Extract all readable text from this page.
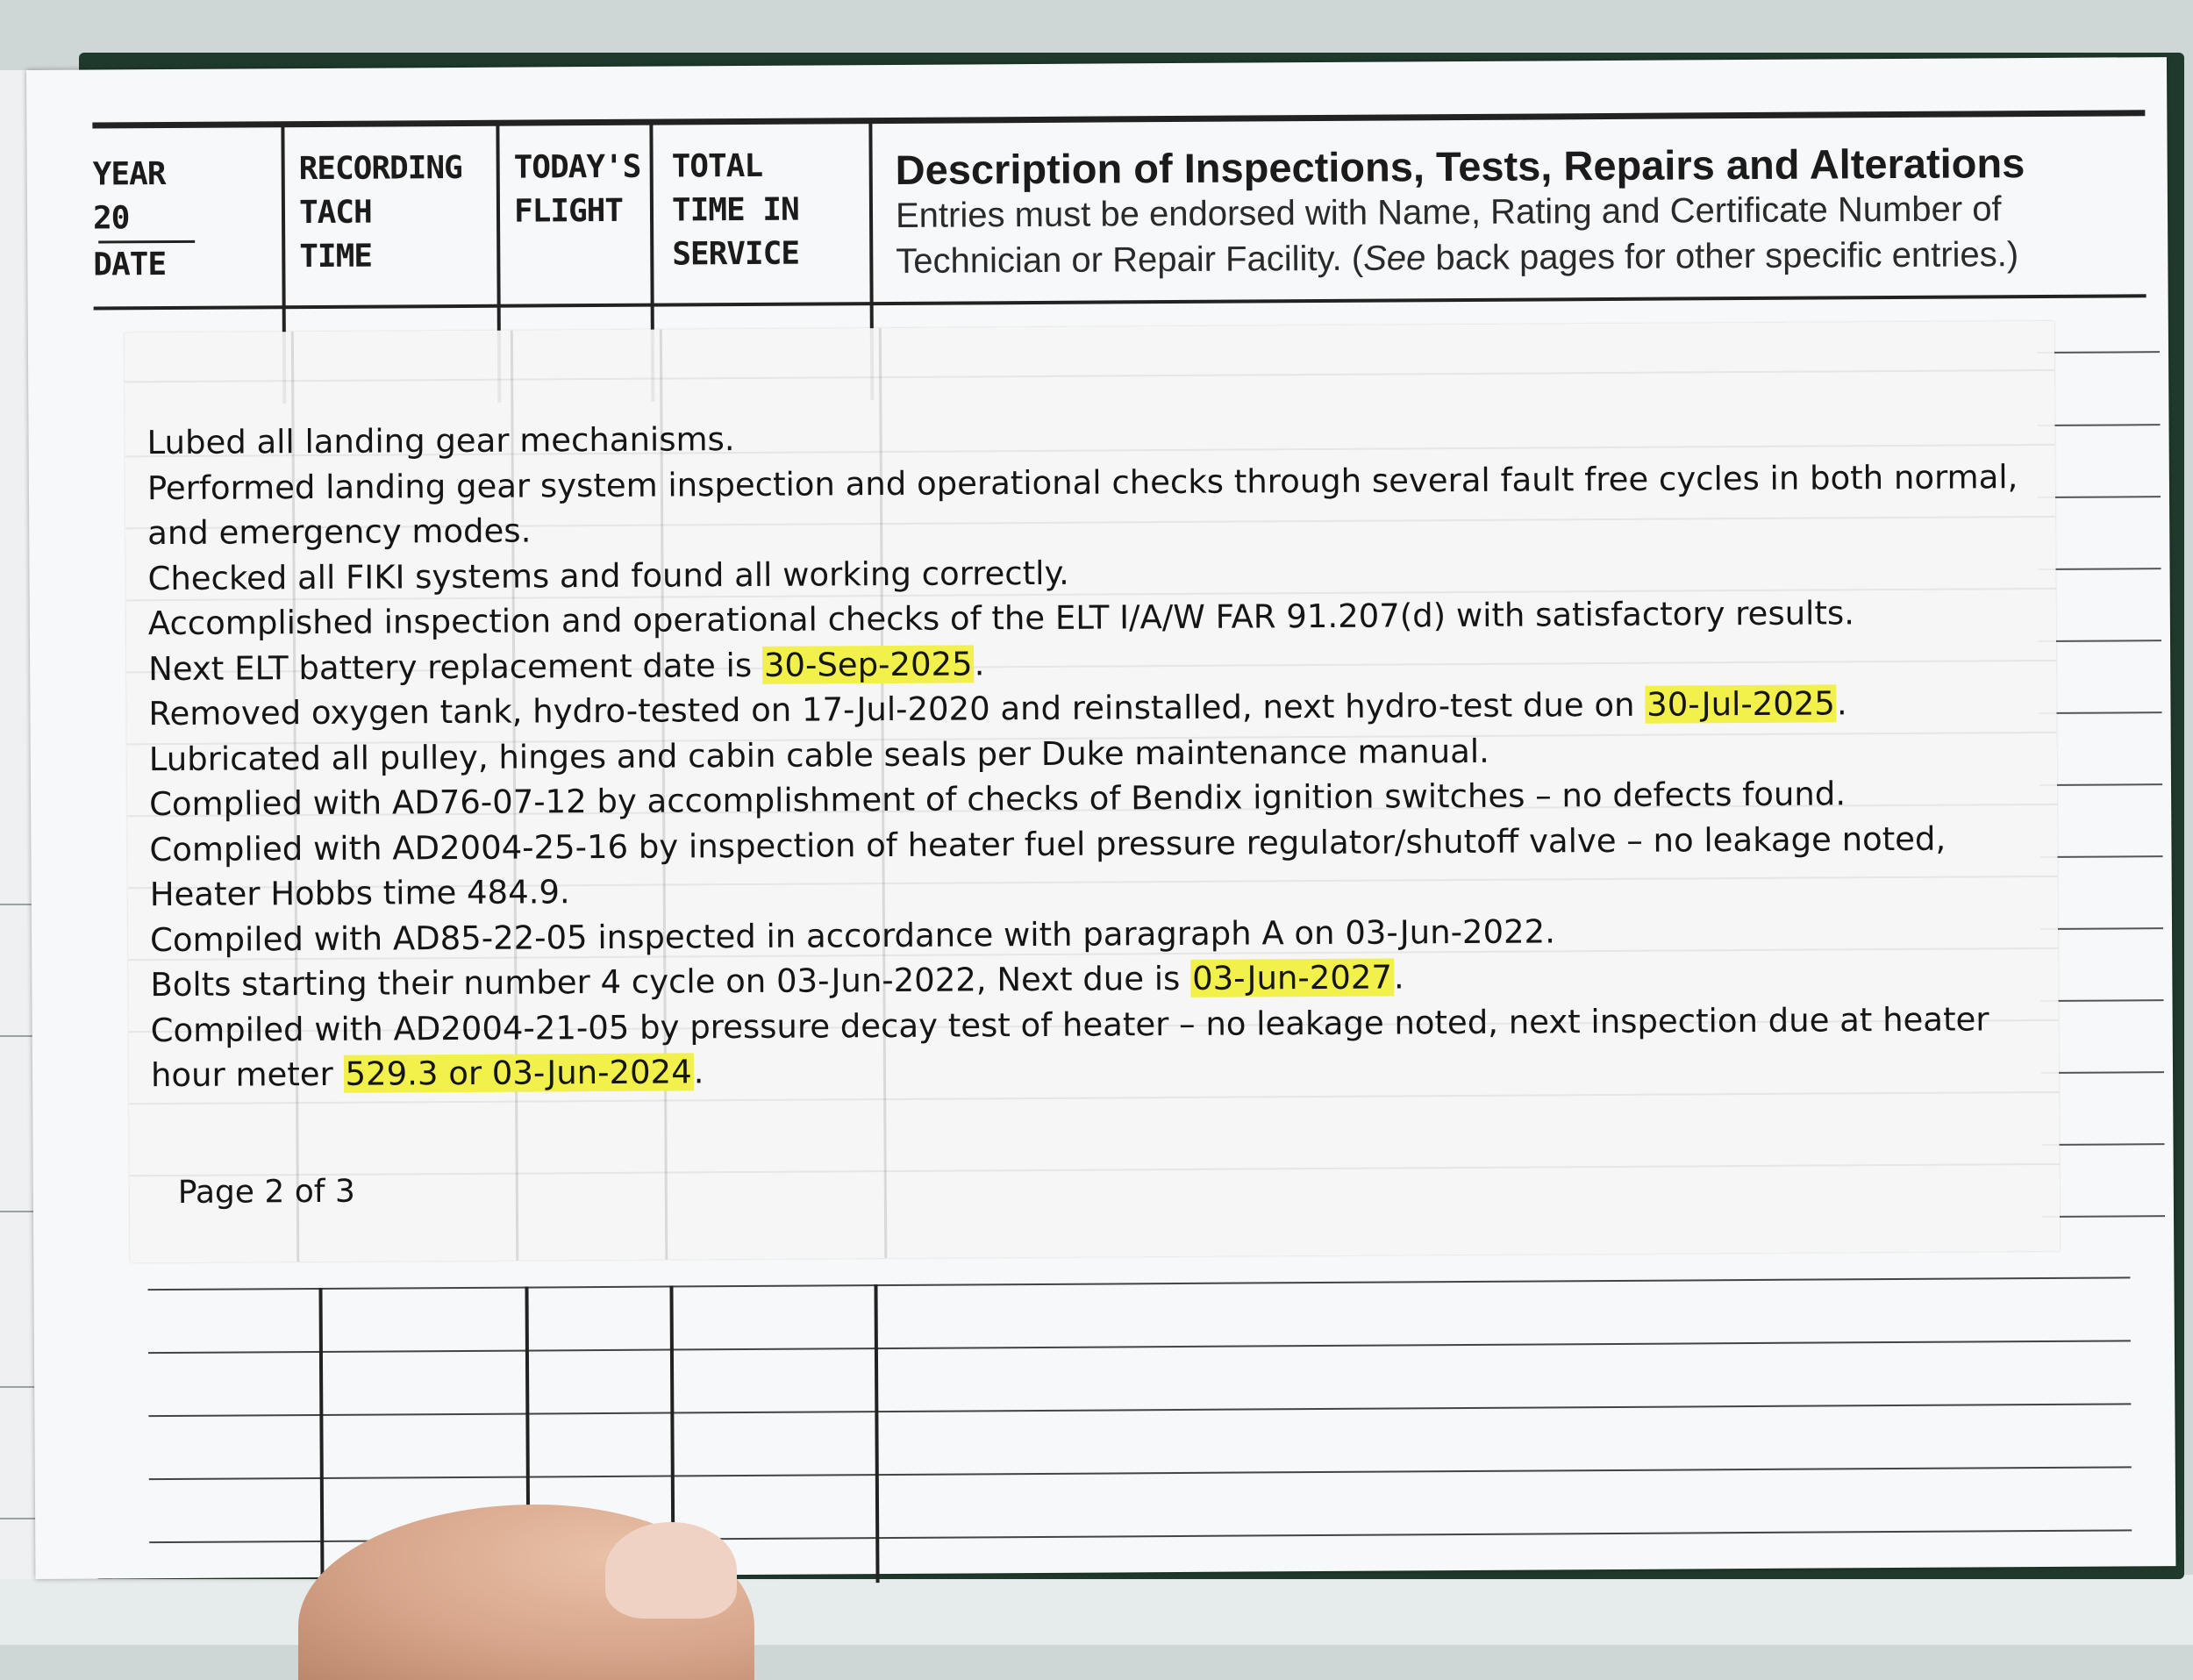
YEAR
20
DATE
RECORDING
TACH
TIME
TODAY'S
FLIGHT
TOTAL
TIME IN
SERVICE
Description of Inspections, Tests, Repairs and Alterations
Entries must be endorsed with Name, Rating and Certificate Number of
Technician or Repair Facility. (See back pages for other specific entries.)
Lubed all landing gear mechanisms.
Performed landing gear system inspection and operational checks through several fault free cycles in both normal,
and emergency modes.
Checked all FIKI systems and found all working correctly.
Accomplished inspection and operational checks of the ELT I/A/W FAR 91.207(d) with satisfactory results.
Next ELT battery replacement date is 30-Sep-2025.
Removed oxygen tank, hydro-tested on 17-Jul-2020 and reinstalled, next hydro-test due on 30-Jul-2025.
Lubricated all pulley, hinges and cabin cable seals per Duke maintenance manual.
Complied with AD76-07-12 by accomplishment of checks of Bendix ignition switches – no defects found.
Complied with AD2004-25-16 by inspection of heater fuel pressure regulator/shutoff valve – no leakage noted,
Heater Hobbs time 484.9.
Compiled with AD85-22-05 inspected in accordance with paragraph A on 03-Jun-2022.
Bolts starting their number 4 cycle on 03-Jun-2022, Next due is 03-Jun-2027.
Compiled with AD2004-21-05 by pressure decay test of heater – no leakage noted, next inspection due at heater
hour meter 529.3 or 03-Jun-2024.
Page 2 of 3
